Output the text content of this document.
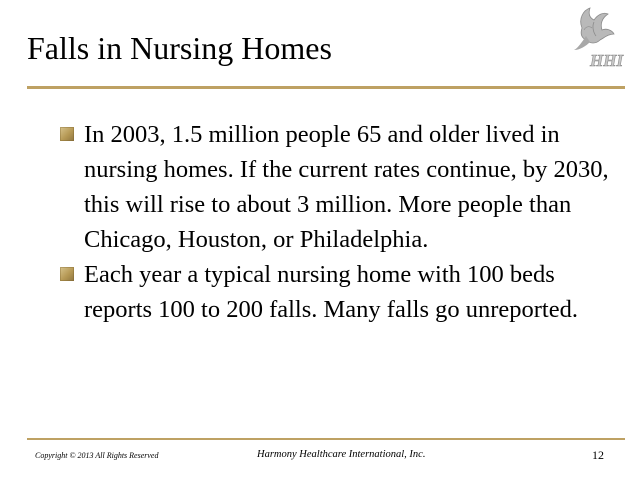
Falls in Nursing Homes	HHI
In 2003, 1.5 million people 65 and older lived in nursing homes. If the current rates continue, by 2030, this will rise to about 3 million. More people than Chicago, Houston, or Philadelphia.
Each year a typical nursing home with 100 beds reports 100 to 200 falls. Many falls go unreported.
Copyright © 2013 All Rights Reserved	Harmony Healthcare International, Inc.	12
